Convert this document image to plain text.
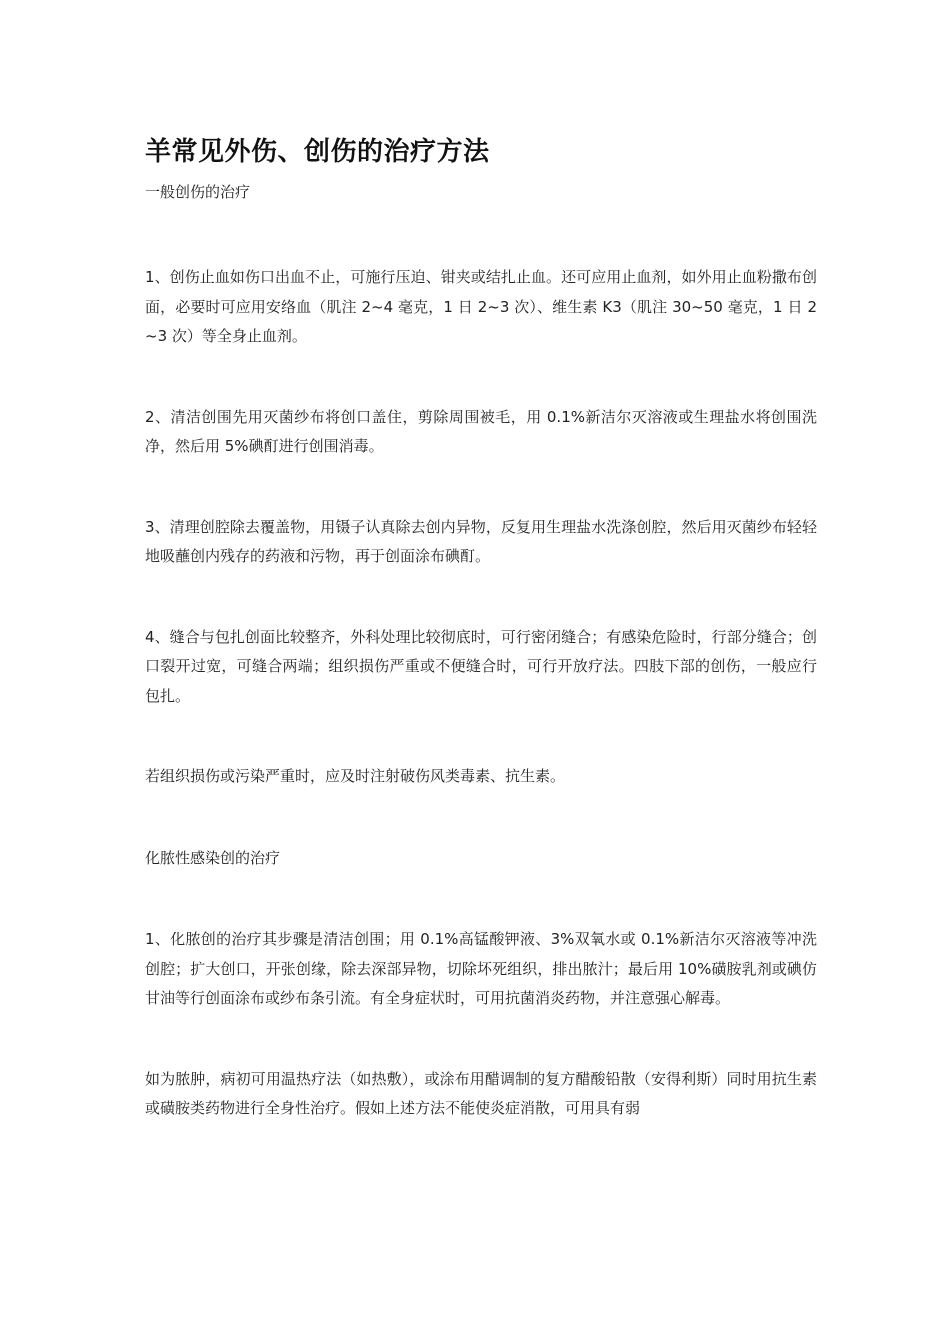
羊常见外伤、创伤的治疗方法

一般创伤的治疗

1、创伤止血如伤口出血不止，可施行压迫、钳夹或结扎止血。还可应用止血剂，如外用止血粉撒布创面，必要时可应用安络血（肌注 2~4 毫克，1 日 2~3 次）、维生素 K3（肌注 30~50 毫克，1 日 2~3 次）等全身止血剂。

2、清洁创围先用灭菌纱布将创口盖住，剪除周围被毛，用 0.1%新洁尔灭溶液或生理盐水将创围洗净，然后用 5%碘酊进行创围消毒。

3、清理创腔除去覆盖物，用镊子认真除去创内异物，反复用生理盐水洗涤创腔，然后用灭菌纱布轻轻地吸蘸创内残存的药液和污物，再于创面涂布碘酊。

4、缝合与包扎创面比较整齐，外科处理比较彻底时，可行密闭缝合；有感染危险时，行部分缝合；创口裂开过宽，可缝合两端；组织损伤严重或不便缝合时，可行开放疗法。四肢下部的创伤，一般应行包扎。

若组织损伤或污染严重时，应及时注射破伤风类毒素、抗生素。

化脓性感染创的治疗

1、化脓创的治疗其步骤是清洁创围；用 0.1%高锰酸钾液、3%双氧水或 0.1%新洁尔灭溶液等冲洗创腔；扩大创口，开张创缘，除去深部异物，切除坏死组织，排出脓汁；最后用 10%磺胺乳剂或碘仿甘油等行创面涂布或纱布条引流。有全身症状时，可用抗菌消炎药物，并注意强心解毒。

如为脓肿，病初可用温热疗法（如热敷），或涂布用醋调制的复方醋酸铅散（安得利斯）同时用抗生素或磺胺类药物进行全身性治疗。假如上述方法不能使炎症消散，可用具有弱
